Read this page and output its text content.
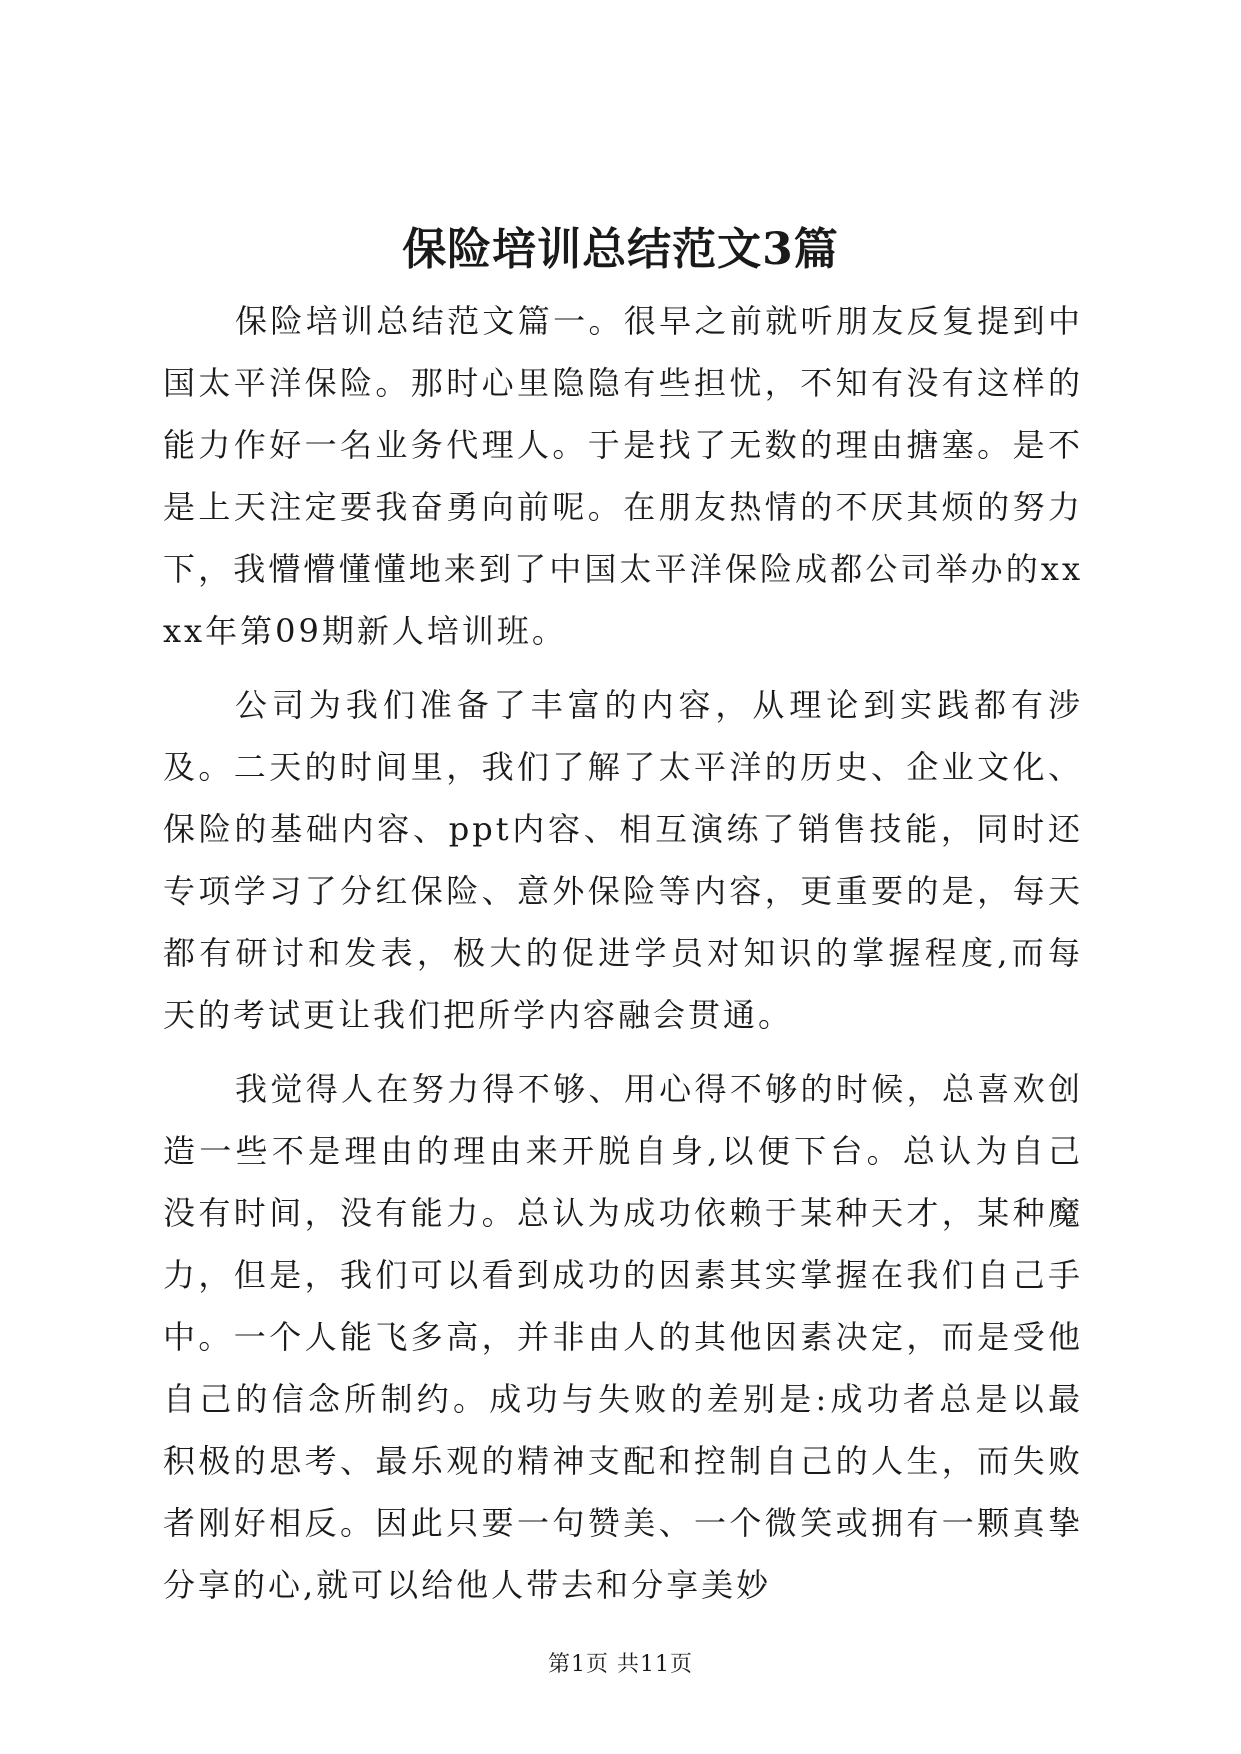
保险培训总结范文3篇

保险培训总结范文篇一。很早之前就听朋友反复提到中国太平洋保险。那时心里隐隐有些担忧，不知有没有这样的能力作好一名业务代理人。于是找了无数的理由搪塞。是不是上天注定要我奋勇向前呢。在朋友热情的不厌其烦的努力下，我懵懵懂懂地来到了中国太平洋保险成都公司举办的xxxx年第09期新人培训班。

公司为我们准备了丰富的内容，从理论到实践都有涉及。二天的时间里，我们了解了太平洋的历史、企业文化、保险的基础内容、ppt内容、相互演练了销售技能，同时还专项学习了分红保险、意外保险等内容，更重要的是，每天都有研讨和发表，极大的促进学员对知识的掌握程度,而每天的考试更让我们把所学内容融会贯通。

我觉得人在努力得不够、用心得不够的时候，总喜欢创造一些不是理由的理由来开脱自身,以便下台。总认为自己没有时间，没有能力。总认为成功依赖于某种天才，某种魔力，但是，我们可以看到成功的因素其实掌握在我们自己手中。一个人能飞多高，并非由人的其他因素决定，而是受他自己的信念所制约。成功与失败的差别是:成功者总是以最积极的思考、最乐观的精神支配和控制自己的人生，而失败者刚好相反。因此只要一句赞美、一个微笑或拥有一颗真挚分享的心,就可以给他人带去和分享美妙

第1页 共11页
